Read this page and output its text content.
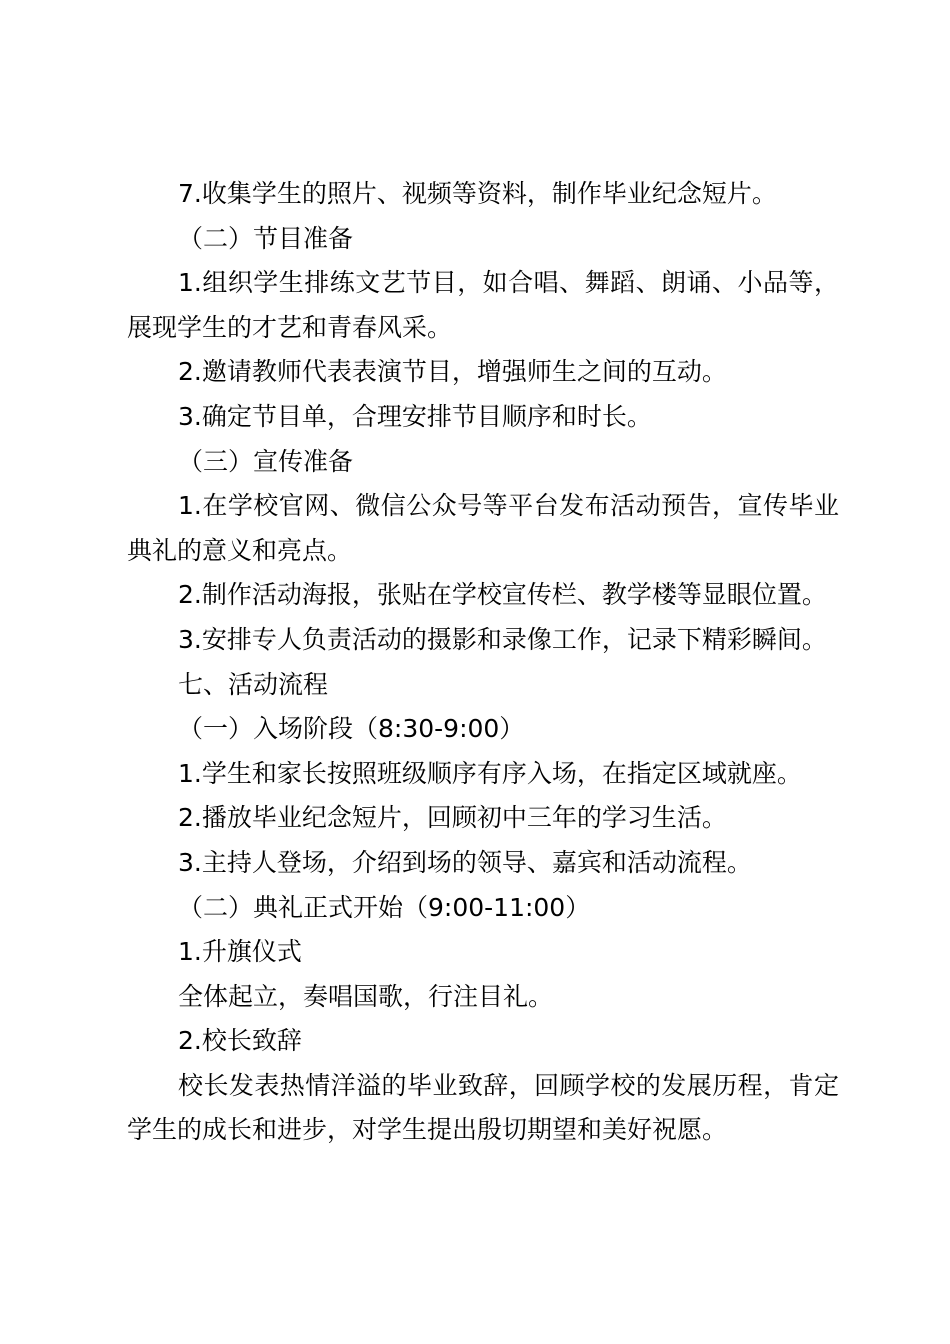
7.收集学生的照片、视频等资料，制作毕业纪念短片。

（二）节目准备

1.组织学生排练文艺节目，如合唱、舞蹈、朗诵、小品等，展现学生的才艺和青春风采。

2.邀请教师代表表演节目，增强师生之间的互动。

3.确定节目单，合理安排节目顺序和时长。

（三）宣传准备

1.在学校官网、微信公众号等平台发布活动预告，宣传毕业典礼的意义和亮点。

2.制作活动海报，张贴在学校宣传栏、教学楼等显眼位置。

3.安排专人负责活动的摄影和录像工作，记录下精彩瞬间。

七、活动流程

（一）入场阶段（8:30-9:00）

1.学生和家长按照班级顺序有序入场，在指定区域就座。

2.播放毕业纪念短片，回顾初中三年的学习生活。

3.主持人登场，介绍到场的领导、嘉宾和活动流程。

（二）典礼正式开始（9:00-11:00）

1.升旗仪式

全体起立，奏唱国歌，行注目礼。

2.校长致辞

校长发表热情洋溢的毕业致辞，回顾学校的发展历程，肯定学生的成长和进步，对学生提出殷切期望和美好祝愿。
